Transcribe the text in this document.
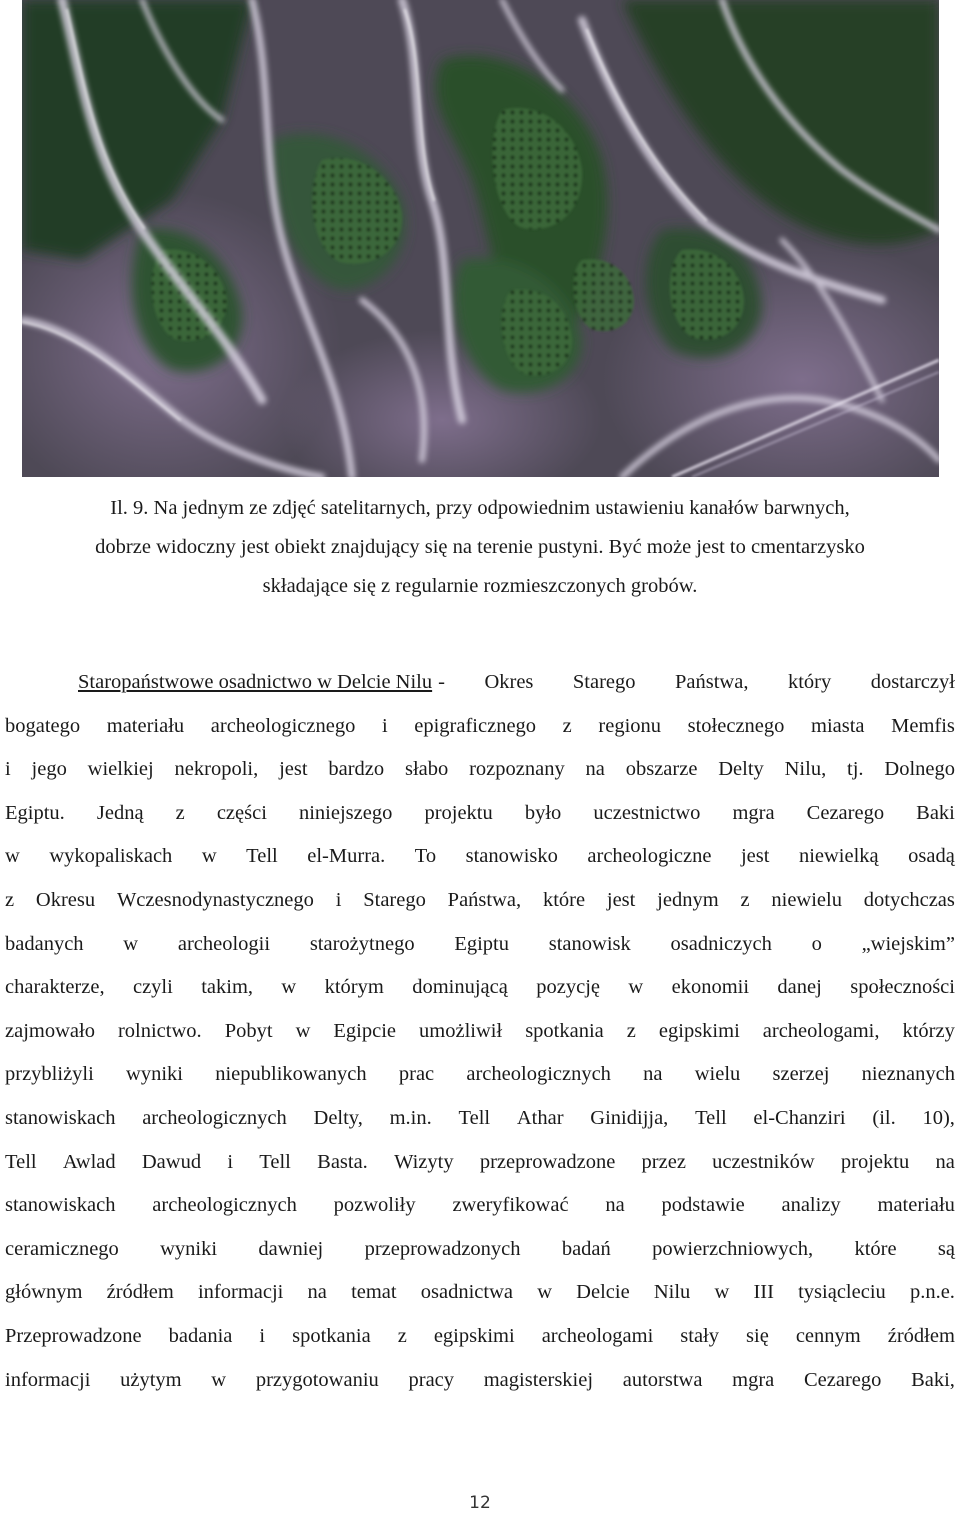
Il. 9. Na jednym ze zdjęć satelitarnych, przy odpowiednim ustawieniu kanałów barwnych,
dobrze widoczny jest obiekt znajdujący się na terenie pustyni. Być może jest to cmentarzysko
składające się z regularnie rozmieszczonych grobów.
Staropaństwowe osadnictwo w Delcie Nilu - Okres Starego Państwa, który dostarczył
bogatego materiału archeologicznego i epigraficznego z regionu stołecznego miasta Memfis
i jego wielkiej nekropoli, jest bardzo słabo rozpoznany na obszarze Delty Nilu, tj. Dolnego
Egiptu. Jedną z części niniejszego projektu było uczestnictwo mgra Cezarego Baki
w wykopaliskach w Tell el-Murra. To stanowisko archeologiczne jest niewielką osadą
z Okresu Wczesnodynastycznego i Starego Państwa, które jest jednym z niewielu dotychczas
badanych w archeologii starożytnego Egiptu stanowisk osadniczych o „wiejskim”
charakterze, czyli takim, w którym dominującą pozycję w ekonomii danej społeczności
zajmowało rolnictwo. Pobyt w Egipcie umożliwił spotkania z egipskimi archeologami, którzy
przybliżyli wyniki niepublikowanych prac archeologicznych na wielu szerzej nieznanych
stanowiskach archeologicznych Delty, m.in. Tell Athar Ginidijja, Tell el-Chanziri (il. 10),
Tell Awlad Dawud i Tell Basta. Wizyty przeprowadzone przez uczestników projektu na
stanowiskach archeologicznych pozwoliły zweryfikować na podstawie analizy materiału
ceramicznego wyniki dawniej przeprowadzonych badań powierzchniowych, które są
głównym źródłem informacji na temat osadnictwa w Delcie Nilu w III tysiącleciu p.n.e.
Przeprowadzone badania i spotkania z egipskimi archeologami stały się cennym źródłem
informacji użytym w przygotowaniu pracy magisterskiej autorstwa mgra Cezarego Baki,
12
